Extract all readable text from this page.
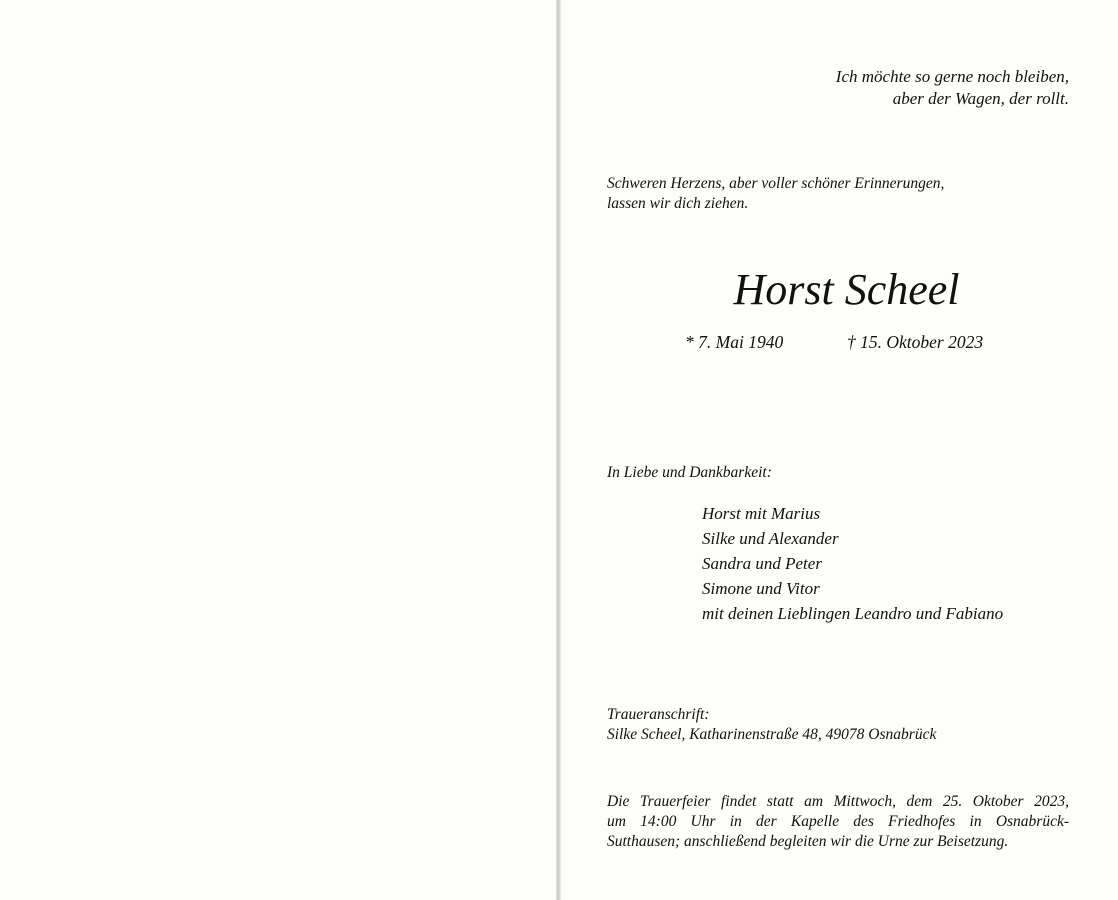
Ich möchte so gerne noch bleiben,
aber der Wagen, der rollt.
Schweren Herzens, aber voller schöner Erinnerungen,
lassen wir dich ziehen.
Horst Scheel
* 7. Mai 1940	† 15. Oktober 2023
In Liebe und Dankbarkeit:
Horst mit Marius
Silke und Alexander
Sandra und Peter
Simone und Vitor
mit deinen Lieblingen Leandro und Fabiano
Traueranschrift:
Silke Scheel, Katharinenstraße 48, 49078 Osnabrück
Die Trauerfeier findet statt am Mittwoch, dem 25. Oktober 2023,
um 14:00 Uhr in der Kapelle des Friedhofes in Osnabrück-
Sutthausen; anschließend begleiten wir die Urne zur Beisetzung.
